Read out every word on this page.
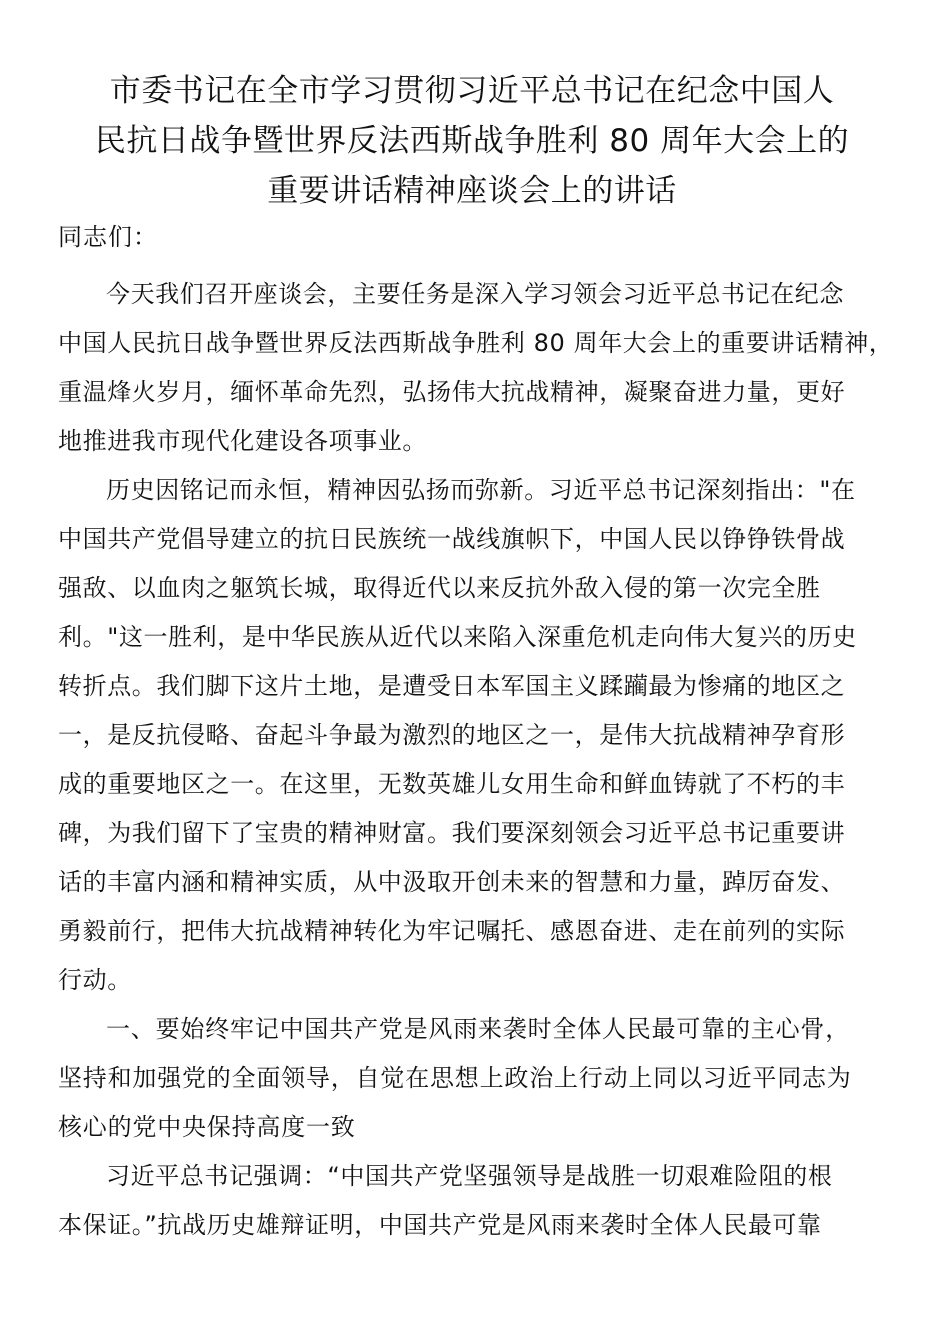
市委书记在全市学习贯彻习近平总书记在纪念中国人
民抗日战争暨世界反法西斯战争胜利 80 周年大会上的
重要讲话精神座谈会上的讲话

同志们：

今天我们召开座谈会，主要任务是深入学习领会习近平总书记在纪念
中国人民抗日战争暨世界反法西斯战争胜利 80 周年大会上的重要讲话精神，
重温烽火岁月，缅怀革命先烈，弘扬伟大抗战精神，凝聚奋进力量，更好
地推进我市现代化建设各项事业。

历史因铭记而永恒，精神因弘扬而弥新。习近平总书记深刻指出："在
中国共产党倡导建立的抗日民族统一战线旗帜下，中国人民以铮铮铁骨战
强敌、以血肉之躯筑长城，取得近代以来反抗外敌入侵的第一次完全胜
利。"这一胜利，是中华民族从近代以来陷入深重危机走向伟大复兴的历史
转折点。我们脚下这片土地，是遭受日本军国主义蹂躏最为惨痛的地区之
一，是反抗侵略、奋起斗争最为激烈的地区之一，是伟大抗战精神孕育形
成的重要地区之一。在这里，无数英雄儿女用生命和鲜血铸就了不朽的丰
碑，为我们留下了宝贵的精神财富。我们要深刻领会习近平总书记重要讲
话的丰富内涵和精神实质，从中汲取开创未来的智慧和力量，踔厉奋发、
勇毅前行，把伟大抗战精神转化为牢记嘱托、感恩奋进、走在前列的实际
行动。

一、要始终牢记中国共产党是风雨来袭时全体人民最可靠的主心骨，
坚持和加强党的全面领导，自觉在思想上政治上行动上同以习近平同志为
核心的党中央保持高度一致

习近平总书记强调：“中国共产党坚强领导是战胜一切艰难险阻的根
本保证。”抗战历史雄辩证明，中国共产党是风雨来袭时全体人民最可靠
